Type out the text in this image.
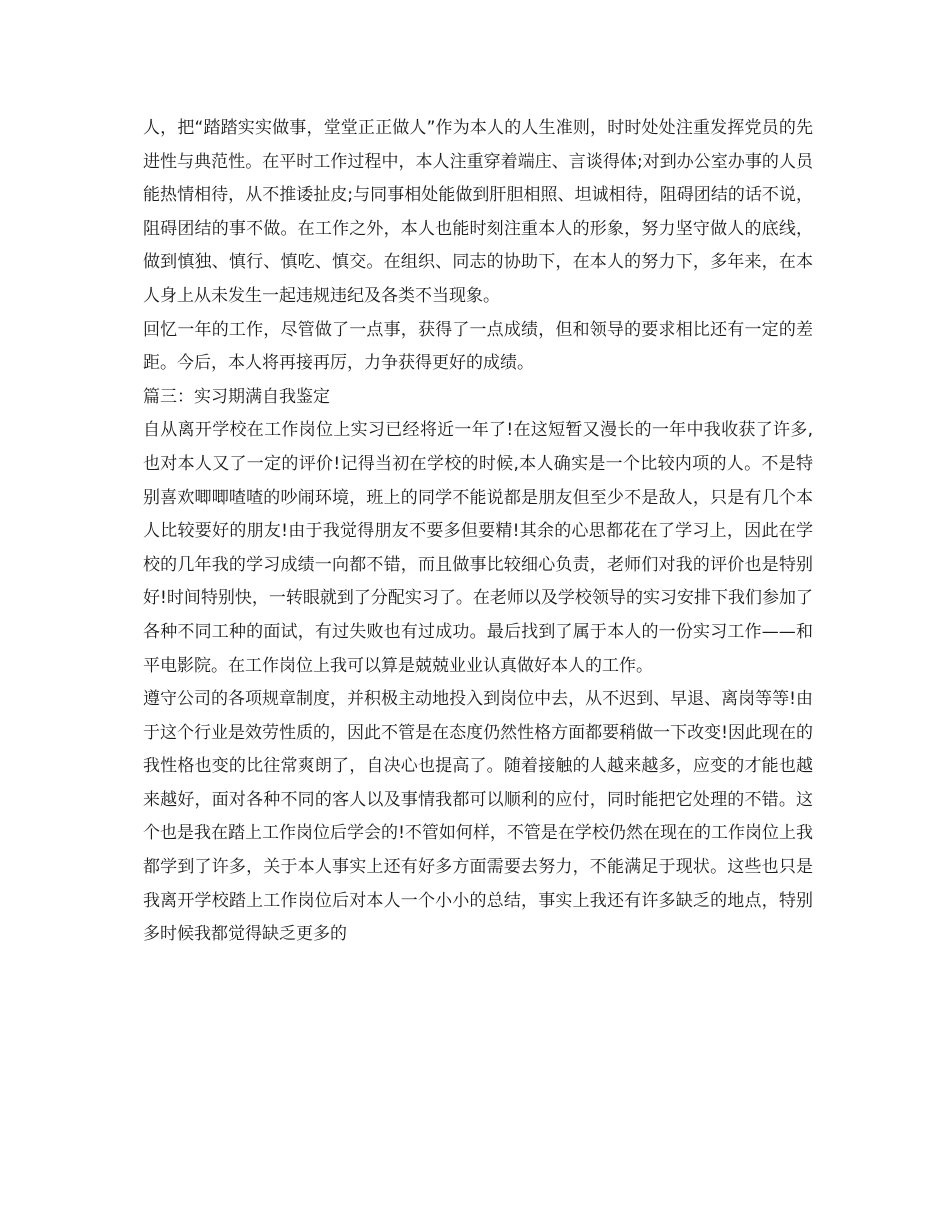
人，把“踏踏实实做事，堂堂正正做人”作为本人的人生准则，时时处处注重发挥党员的先进性与典范性。在平时工作过程中，本人注重穿着端庄、言谈得体;对到办公室办事的人员能热情相待，从不推诿扯皮;与同事相处能做到肝胆相照、坦诚相待，阻碍团结的话不说，阻碍团结的事不做。在工作之外，本人也能时刻注重本人的形象，努力坚守做人的底线，做到慎独、慎行、慎吃、慎交。在组织、同志的协助下，在本人的努力下，多年来，在本人身上从未发生一起违规违纪及各类不当现象。

回忆一年的工作，尽管做了一点事，获得了一点成绩，但和领导的要求相比还有一定的差距。今后，本人将再接再厉，力争获得更好的成绩。

篇三：实习期满自我鉴定

自从离开学校在工作岗位上实习已经将近一年了!在这短暂又漫长的一年中我收获了许多,也对本人又了一定的评价!记得当初在学校的时候,本人确实是一个比较内项的人。不是特别喜欢唧唧喳喳的吵闹环境，班上的同学不能说都是朋友但至少不是敌人，只是有几个本人比较要好的朋友!由于我觉得朋友不要多但要精!其余的心思都花在了学习上，因此在学校的几年我的学习成绩一向都不错，而且做事比较细心负责，老师们对我的评价也是特别好!时间特别快，一转眼就到了分配实习了。在老师以及学校领导的实习安排下我们参加了各种不同工种的面试，有过失败也有过成功。最后找到了属于本人的一份实习工作——和平电影院。在工作岗位上我可以算是兢兢业业认真做好本人的工作。

遵守公司的各项规章制度，并积极主动地投入到岗位中去，从不迟到、早退、离岗等等!由于这个行业是效劳性质的，因此不管是在态度仍然性格方面都要稍做一下改变!因此现在的我性格也变的比往常爽朗了，自决心也提高了。随着接触的人越来越多，应变的才能也越来越好，面对各种不同的客人以及事情我都可以顺利的应付，同时能把它处理的不错。这个也是我在踏上工作岗位后学会的!不管如何样，不管是在学校仍然在现在的工作岗位上我都学到了许多，关于本人事实上还有好多方面需要去努力，不能满足于现状。这些也只是我离开学校踏上工作岗位后对本人一个小小的总结，事实上我还有许多缺乏的地点，特别多时候我都觉得缺乏更多的
